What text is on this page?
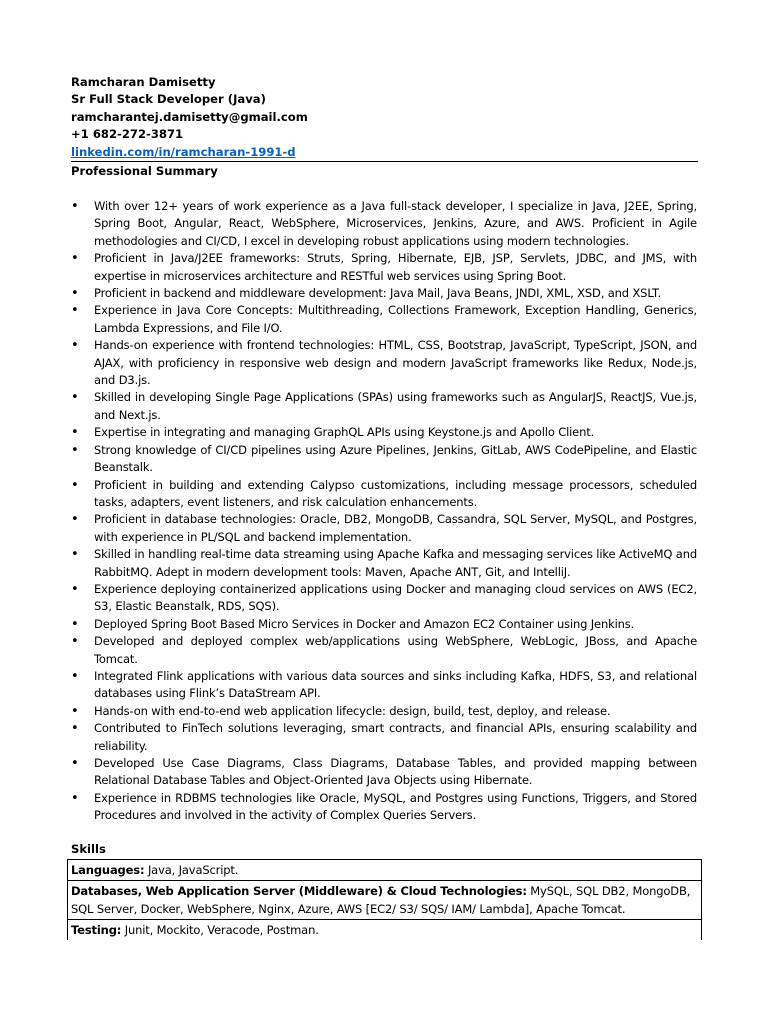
Ramcharan Damisetty
Sr Full Stack Developer (Java)
ramcharantej.damisetty@gmail.com
+1 682-272-3871
linkedin.com/in/ramcharan-1991-d
Professional Summary
• With over 12+ years of work experience as a Java full-stack developer, I specialize in Java, J2EE, Spring, Spring Boot, Angular, React, WebSphere, Microservices, Jenkins, Azure, and AWS. Proficient in Agile methodologies and CI/CD, I excel in developing robust applications using modern technologies.
• Proficient in Java/J2EE frameworks: Struts, Spring, Hibernate, EJB, JSP, Servlets, JDBC, and JMS, with expertise in microservices architecture and RESTful web services using Spring Boot.
• Proficient in backend and middleware development: Java Mail, Java Beans, JNDI, XML, XSD, and XSLT.
• Experience in Java Core Concepts: Multithreading, Collections Framework, Exception Handling, Generics, Lambda Expressions, and File I/O.
• Hands-on experience with frontend technologies: HTML, CSS, Bootstrap, JavaScript, TypeScript, JSON, and AJAX, with proficiency in responsive web design and modern JavaScript frameworks like Redux, Node.js, and D3.js.
• Skilled in developing Single Page Applications (SPAs) using frameworks such as AngularJS, ReactJS, Vue.js, and Next.js.
• Expertise in integrating and managing GraphQL APIs using Keystone.js and Apollo Client.
• Strong knowledge of CI/CD pipelines using Azure Pipelines, Jenkins, GitLab, AWS CodePipeline, and Elastic Beanstalk.
• Proficient in building and extending Calypso customizations, including message processors, scheduled tasks, adapters, event listeners, and risk calculation enhancements.
• Proficient in database technologies: Oracle, DB2, MongoDB, Cassandra, SQL Server, MySQL, and Postgres, with experience in PL/SQL and backend implementation.
• Skilled in handling real-time data streaming using Apache Kafka and messaging services like ActiveMQ and RabbitMQ. Adept in modern development tools: Maven, Apache ANT, Git, and IntelliJ.
• Experience deploying containerized applications using Docker and managing cloud services on AWS (EC2, S3, Elastic Beanstalk, RDS, SQS).
• Deployed Spring Boot Based Micro Services in Docker and Amazon EC2 Container using Jenkins.
• Developed and deployed complex web/applications using WebSphere, WebLogic, JBoss, and Apache Tomcat.
• Integrated Flink applications with various data sources and sinks including Kafka, HDFS, S3, and relational databases using Flink’s DataStream API.
• Hands-on with end-to-end web application lifecycle: design, build, test, deploy, and release.
• Contributed to FinTech solutions leveraging, smart contracts, and financial APIs, ensuring scalability and reliability.
• Developed Use Case Diagrams, Class Diagrams, Database Tables, and provided mapping between Relational Database Tables and Object-Oriented Java Objects using Hibernate.
• Experience in RDBMS technologies like Oracle, MySQL, and Postgres using Functions, Triggers, and Stored Procedures and involved in the activity of Complex Queries Servers.
Skills
Languages: Java, JavaScript.
Databases, Web Application Server (Middleware) & Cloud Technologies: MySQL, SQL DB2, MongoDB, SQL Server, Docker, WebSphere, Nginx, Azure, AWS [EC2/ S3/ SQS/ IAM/ Lambda], Apache Tomcat.
Testing: Junit, Mockito, Veracode, Postman.
